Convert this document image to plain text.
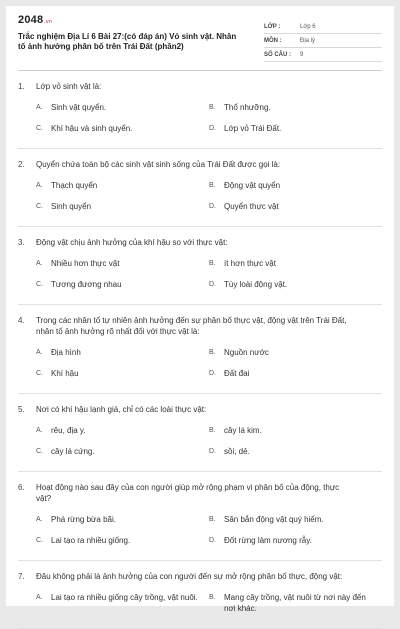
2048.vn
Trắc nghiệm Địa Lí 6 Bài 27:(có đáp án) Vỏ sinh vật. Nhân tố ảnh hưởng phân bố trên Trái Đất (phần2)
LỚP :	Lớp 6
MÔN :	Địa lý
SỐ CÂU :	9
1.	Lớp vỏ sinh vật là:
A.	Sinh vật quyển.	B.	Thổ nhưỡng.
C.	Khí hậu và sinh quyển.	D.	Lớp vỏ Trái Đất.
2.	Quyển chứa toàn bộ các sinh vật sinh sống của Trái Đất được gọi là:
A.	Thạch quyển	B.	Động vật quyển
C.	Sinh quyển	D.	Quyển thực vật
3.	Động vật chịu ảnh hưởng của khí hậu so với thực vật:
A.	Nhiều hơn thực vật	B.	ít hơn thực vật
C.	Tương đương nhau	D.	Tùy loài động vật.
4.	Trong các nhân tố tự nhiên ảnh hưởng đến sự phân bố thực vật, động vật trên Trái Đất, nhân tố ảnh hưởng rõ nhất đối với thực vật là:
A.	Địa hình	B.	Nguồn nước
C.	Khí hậu	D.	Đất đai
5.	Nơi có khí hậu lạnh giá, chỉ có các loài thực vật:
A.	rêu, địa y.	B.	cây lá kim.
C.	cây lá cứng.	D.	sồi, dẻ.
6.	Hoạt động nào sau đây của con người giúp mở rộng phạm vi phân bố của động, thực vật?
A.	Phá rừng bừa bãi.	B.	Săn bắn động vật quý hiếm.
C.	Lai tạo ra nhiều giống.	D.	Đốt rừng làm nương rẫy.
7.	Đâu không phải là ảnh hưởng của con người đến sự mở rộng phân bố thực, động vật:
A.	Lai tạo ra nhiều giống cây trồng, vật nuôi. B.	Mang cây trồng, vật nuôi từ nơi này đến nơi khác.
